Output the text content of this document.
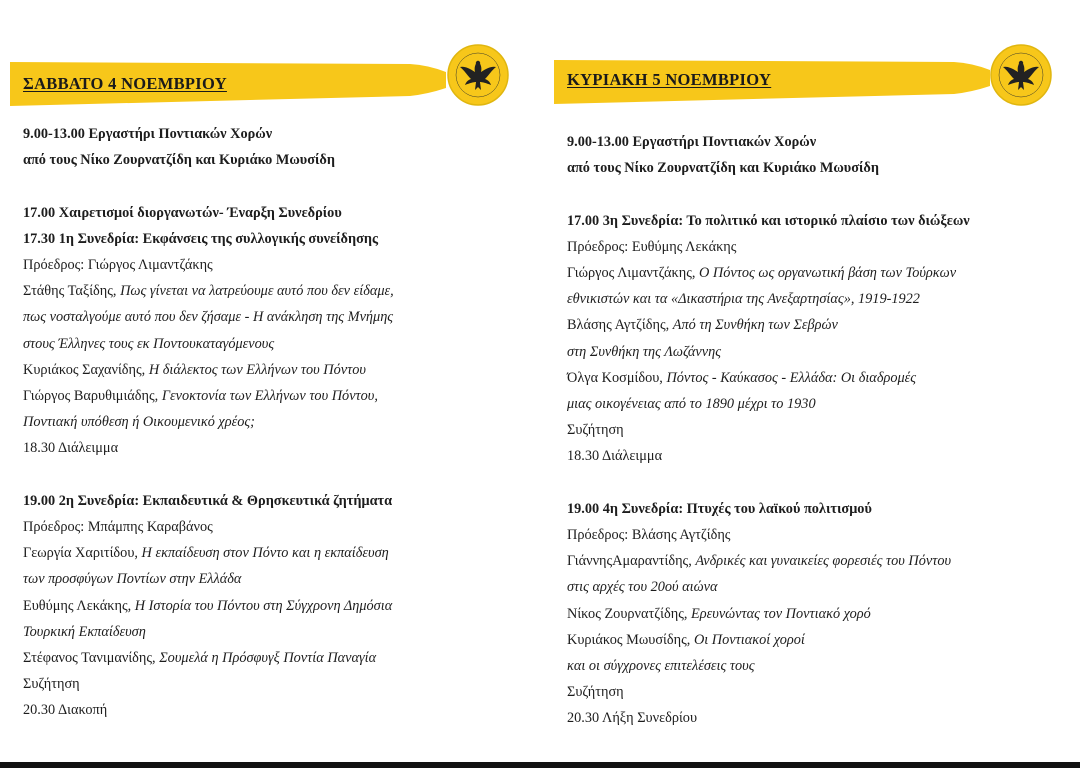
ΣΑΒΒΑΤΟ 4 ΝΟΕΜΒΡΙΟΥ
9.00-13.00 Εργαστήρι Ποντιακών Χορών
από τους Νίκο Ζουρνατζίδη και Κυριάκο Μωυσίδη
17.00 Χαιρετισμοί διοργανωτών- Έναρξη Συνεδρίου
17.30 1η Συνεδρία: Εκφάνσεις της συλλογικής συνείδησης
Πρόεδρος: Γιώργος Λιμαντζάκης
Στάθης Ταξίδης, Πως γίνεται να λατρεύουμε αυτό που δεν είδαμε,
πως νοσταλγούμε αυτό που δεν ζήσαμε - Η ανάκληση της Μνήμης
στους Έλληνες τους εκ Ποντουκαταγόμενους
Κυριάκος Σαχανίδης, Η διάλεκτος των Ελλήνων του Πόντου
Γιώργος Βαρυθιμιάδης, Γενοκτονία των Ελλήνων του Πόντου,
Ποντιακή υπόθεση ή Οικουμενικό χρέος;
18.30 Διάλειμμα
19.00 2η Συνεδρία: Εκπαιδευτικά & Θρησκευτικά ζητήματα
Πρόεδρος: Μπάμπης Καραβάνος
Γεωργία Χαριτίδου, Η εκπαίδευση στον Πόντο και η εκπαίδευση
των προσφύγων Ποντίων στην Ελλάδα
Ευθύμης Λεκάκης, Η Ιστορία του Πόντου στη Σύγχρονη Δημόσια
Τουρκική Εκπαίδευση
Στέφανος Τανιμανίδης, Σουμελά η Πρόσφυγξ Ποντία Παναγία
Συζήτηση
20.30 Διακοπή
ΚΥΡΙΑΚΗ 5 ΝΟΕΜΒΡΙΟΥ
9.00-13.00 Εργαστήρι Ποντιακών Χορών
από τους Νίκο Ζουρνατζίδη και Κυριάκο Μωυσίδη
17.00 3η Συνεδρία: Το πολιτικό και ιστορικό πλαίσιο των διώξεων
Πρόεδρος: Ευθύμης Λεκάκης
Γιώργος Λιμαντζάκης, Ο Πόντος ως οργανωτική βάση των Τούρκων
εθνικιστών και τα «Δικαστήρια της Ανεξαρτησίας», 1919-1922
Βλάσης Αγτζίδης, Από τη Συνθήκη των Σεβρών
στη Συνθήκη της Λωζάννης
Όλγα Κοσμίδου, Πόντος - Καύκασος - Ελλάδα: Οι διαδρομές
μιας οικογένειας από το 1890 μέχρι το 1930
Συζήτηση
18.30 Διάλειμμα
19.00 4η Συνεδρία: Πτυχές του λαϊκού πολιτισμού
Πρόεδρος: Βλάσης Αγτζίδης
ΓιάννηςΑμαραντίδης, Ανδρικές και γυναικείες φορεσιές του Πόντου
στις αρχές του 20ού αιώνα
Νίκος Ζουρνατζίδης, Ερευνώντας τον Ποντιακό χορό
Κυριάκος Μωυσίδης, Οι Ποντιακοί χοροί
και οι σύγχρονες επιτελέσεις τους
Συζήτηση
20.30 Λήξη Συνεδρίου
